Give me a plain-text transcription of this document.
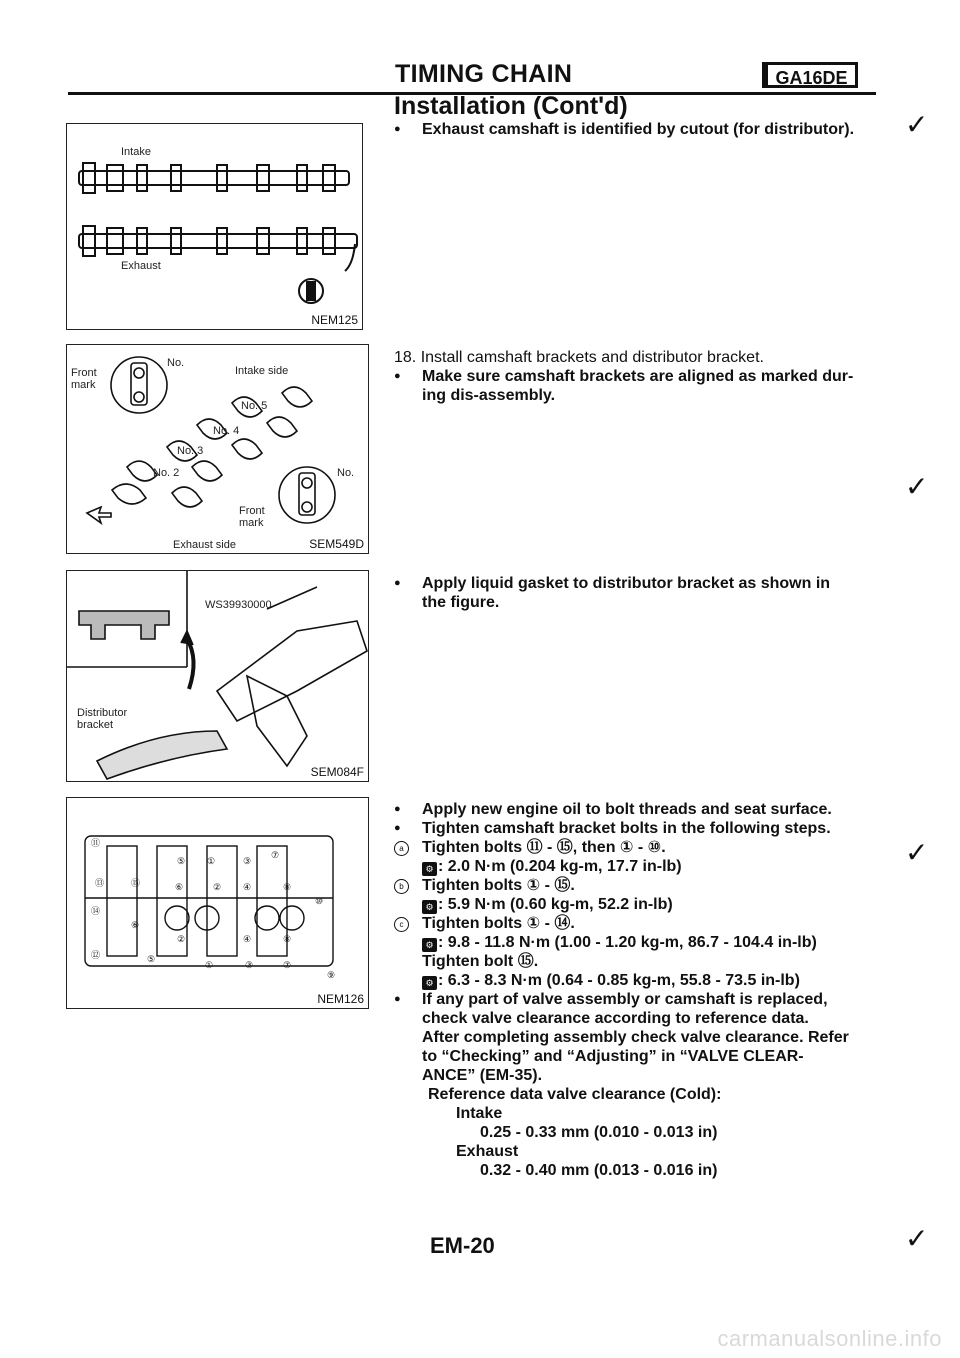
TIMING CHAIN	GA16DE
Installation (Cont'd)
Intake
Exhaust
NEM125
Front
mark
No.
Intake side
No. 5
No. 4
No. 3
No. 2	No.
Front
mark
Exhaust side	SEM549D
WS39930000
Distributor
bracket
SEM084F
⑪
⑬	⑮
⑤ ①	③
⑦
⑥	② ④	⑧
⑩
⑭
⑥
②	④	⑧
⑫	⑤
①	③	⑦
⑨
NEM126
● Exhaust camshaft is identified by cutout (for distributor).
18. Install camshaft brackets and distributor bracket.
● Make sure camshaft brackets are aligned as marked dur-
ing dis-assembly.
● Apply liquid gasket to distributor bracket as shown in
the figure.
● Apply new engine oil to bolt threads and seat surface.
● Tighten camshaft bracket bolts in the following steps.
a	Tighten bolts ⑪ - ⑮, then ① - ⑩.
⚙ : 2.0 N·m (0.204 kg-m, 17.7 in-lb)
b	Tighten bolts ① - ⑮.
⚙ : 5.9 N·m (0.60 kg-m, 52.2 in-lb)
c	Tighten bolts ① - ⑭.
⚙ : 9.8 - 11.8 N·m (1.00 - 1.20 kg-m, 86.7 - 104.4 in-lb)
Tighten bolt ⑮.
⚙ : 6.3 - 8.3 N·m (0.64 - 0.85 kg-m, 55.8 - 73.5 in-lb)
● If any part of valve assembly or camshaft is replaced,
check valve clearance according to reference data.
After completing assembly check valve clearance. Refer
to “Checking” and “Adjusting” in “VALVE CLEAR-
ANCE” (EM-35).
Reference data valve clearance (Cold):
Intake
0.25 - 0.33 mm (0.010 - 0.013 in)
Exhaust
0.32 - 0.40 mm (0.013 - 0.016 in)
✓
✓
✓
✓
EM-20
carmanualsonline.info
